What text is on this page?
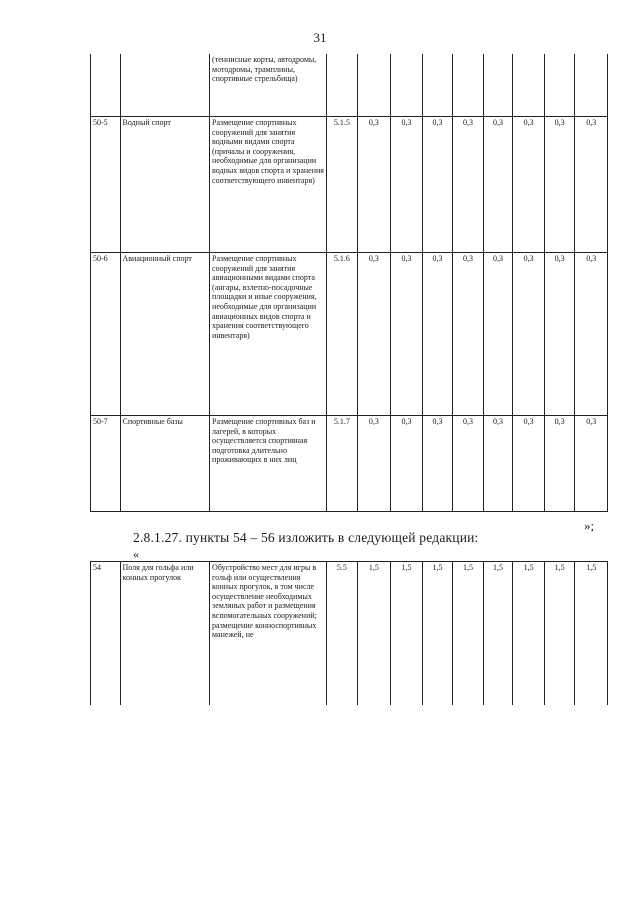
31
		(теннисные корты, автодромы, мотодромы, трамплины, спортивные стрельбища)									
50-5	Водный спорт	Размещение спортивных сооружений для занятия водными видами спорта (причалы и сооружения, необходимые для организации водных видов спорта и хранения соответствующего инвентаря)	5.1.5	0,3	0,3	0,3	0,3	0,3	0,3	0,3	0,3
50-6	Авиационный спорт	Размещение спортивных сооружений для занятия авиационными видами спорта (ангары, взлетно-посадочные площадки и иные сооружения, необходимые для организации авиационных видов спорта и хранения соответствующего инвентаря)	5.1.6	0,3	0,3	0,3	0,3	0,3	0,3	0,3	0,3
50-7	Спортивные базы	Размещение спортивных баз и лагерей, в которых осуществляется спортивная подготовка длительно проживающих в них лиц	5.1.7	0,3	0,3	0,3	0,3	0,3	0,3	0,3	0,3
»;
2.8.1.27. пункты 54 – 56 изложить в следующей редакции:
«
54	Поля для гольфа или конных прогулок	Обустройство мест для игры в гольф или осуществления конных прогулок, в том числе осуществление необходимых земляных работ и размещения вспомогательных сооружений; размещение конноспортивных манежей, не	5.5	1,5	1,5	1,5	1,5	1,5	1,5	1,5	1,5
